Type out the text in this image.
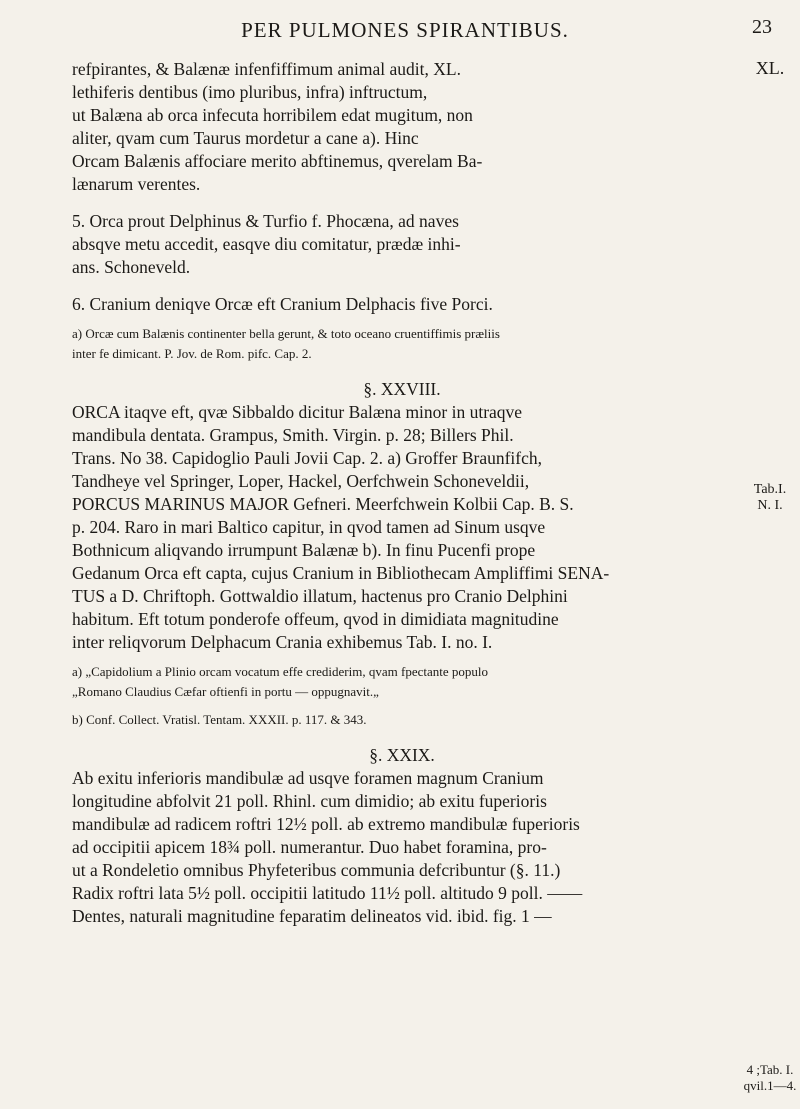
PER PULMONES SPIRANTIBUS.	23
XL.
Tab.I.
N. I.
4 ;Tab. I.
qvil.1—4.
refpirantes, & Balænæ infenfiffimum animal audit, XL.
lethiferis dentibus (imo pluribus, infra) inftructum,
ut Balæna ab orca infecuta horribilem edat mugitum, non
aliter, qvam cum Taurus mordetur a cane a). Hinc
Orcam Balænis affociare merito abftinemus, qverelam Ba-
lænarum verentes.
5. Orca prout Delphinus & Turfio f. Phocæna, ad naves
absqve metu accedit, easqve diu comitatur, prædæ inhi-
ans. Schoneveld.
6. Cranium deniqve Orcæ eft Cranium Delphacis five Porci.
a) Orcæ cum Balænis continenter bella gerunt, & toto oceano cruentiffimis præliis
inter fe dimicant. P. Jov. de Rom. pifc. Cap. 2.
§. XXVIII.
ORCA itaqve eft, qvæ Sibbaldo dicitur Balæna minor in utraqve
mandibula dentata. Grampus, Smith. Virgin. p. 28; Billers Phil.
Trans. No 38. Capidoglio Pauli Jovii Cap. 2. a) Groffer Braunfifch,
Tandheye vel Springer, Loper, Hackel, Oerfchwein Schoneveldii,
PORCUS MARINUS MAJOR Gefneri. Meerfchwein Kolbii Cap. B. S.
p. 204. Raro in mari Baltico capitur, in qvod tamen ad Sinum usqve
Bothnicum aliqvando irrumpunt Balænæ b). In finu Pucenfi prope
Gedanum Orca eft capta, cujus Cranium in Bibliothecam Ampliffimi SENA-
TUS a D. Chriftoph. Gottwaldio illatum, hactenus pro Cranio Delphini
habitum. Eft totum ponderofe offeum, qvod in dimidiata magnitudine
inter reliqvorum Delphacum Crania exhibemus Tab. I. no. I.
a) „Capidolium a Plinio orcam vocatum effe crediderim, qvam fpectante populo
„Romano Claudius Cæfar oftienfi in portu — oppugnavit.„
b) Conf. Collect. Vratisl. Tentam. XXXII. p. 117. & 343.
§. XXIX.
Ab exitu inferioris mandibulæ ad usqve foramen magnum Cranium
longitudine abfolvit 21 poll. Rhinl. cum dimidio; ab exitu fuperioris
mandibulæ ad radicem roftri 12½ poll. ab extremo mandibulæ fuperioris
ad occipitii apicem 18¾ poll. numerantur. Duo habet foramina, pro-
ut a Rondeletio omnibus Phyfeteribus communia defcribuntur (§. 11.)
Radix roftri lata 5½ poll. occipitii latitudo 11½ poll. altitudo 9 poll. ——
Dentes, naturali magnitudine feparatim delineatos vid. ibid. fig. 1 —
